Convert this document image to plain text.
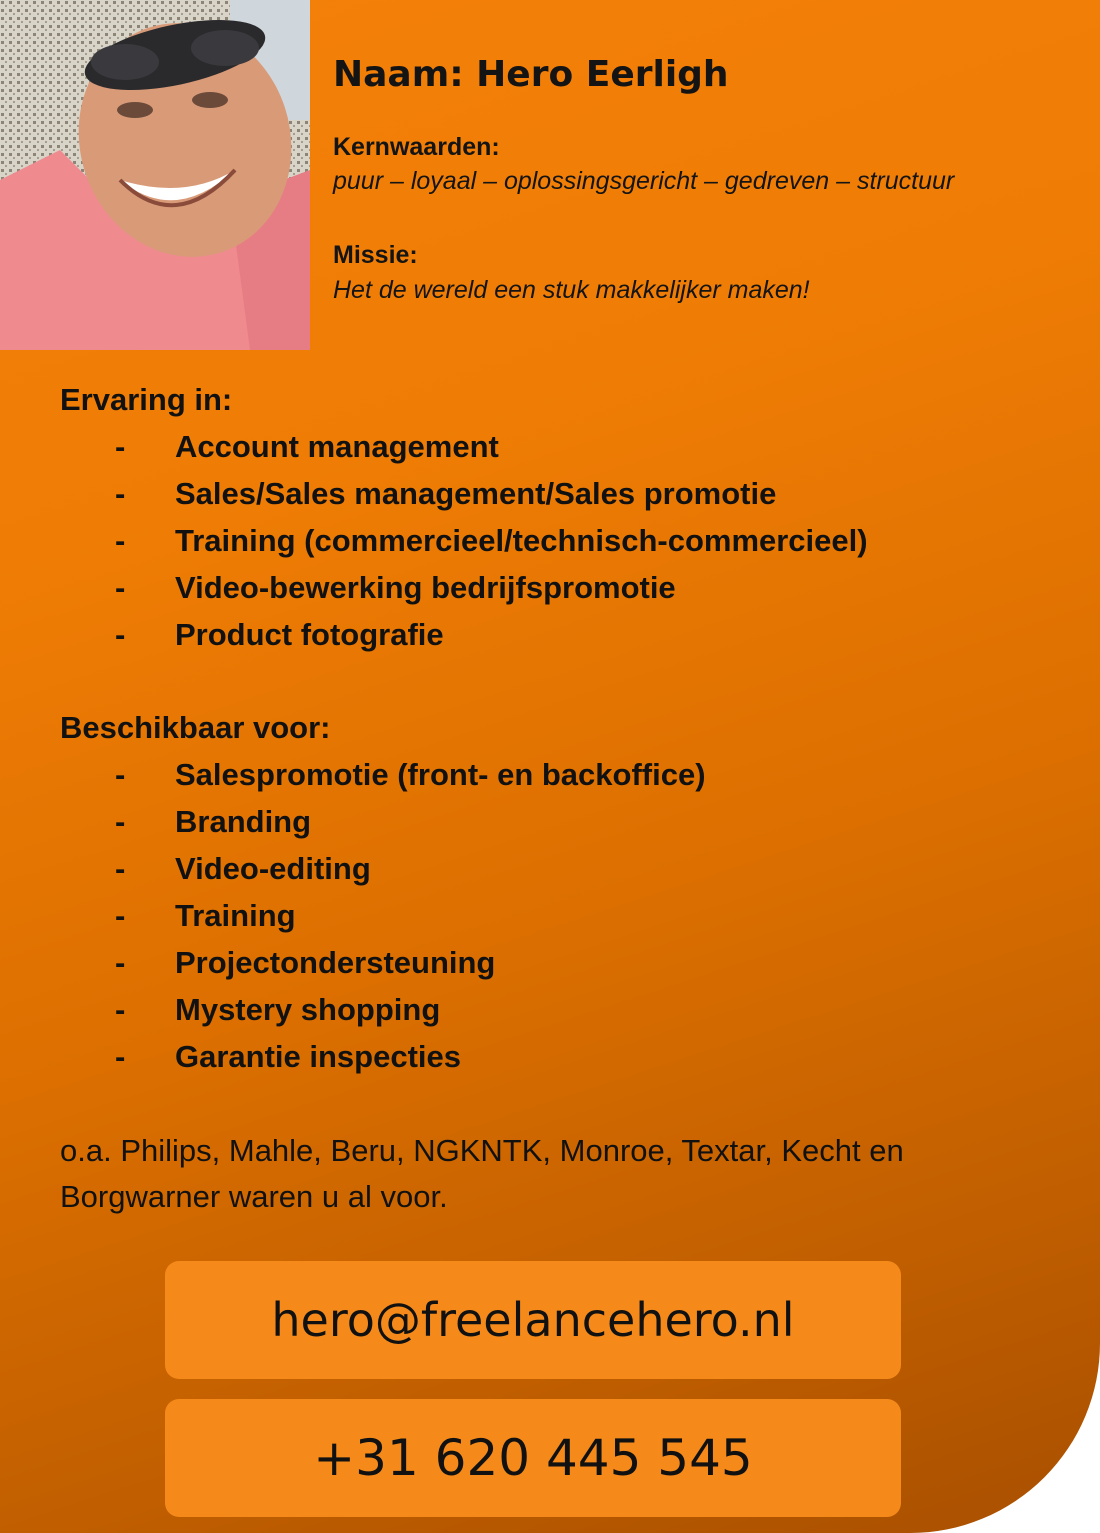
Naam: Hero Eerligh
Kernwaarden:
puur – loyaal – oplossingsgericht – gedreven – structuur
Missie:
Het de wereld een stuk makkelijker maken!
Ervaring in:
- Account management
- Sales/Sales management/Sales promotie
- Training (commercieel/technisch-commercieel)
- Video-bewerking bedrijfspromotie
- Product fotografie
Beschikbaar voor:
- Salespromotie (front- en backoffice)
- Branding
- Video-editing
- Training
- Projectondersteuning
- Mystery shopping
- Garantie inspecties
o.a. Philips, Mahle, Beru, NGKNTK, Monroe, Textar, Kecht en Borgwarner waren u al voor.
hero@freelancehero.nl
+31 620 445 545
